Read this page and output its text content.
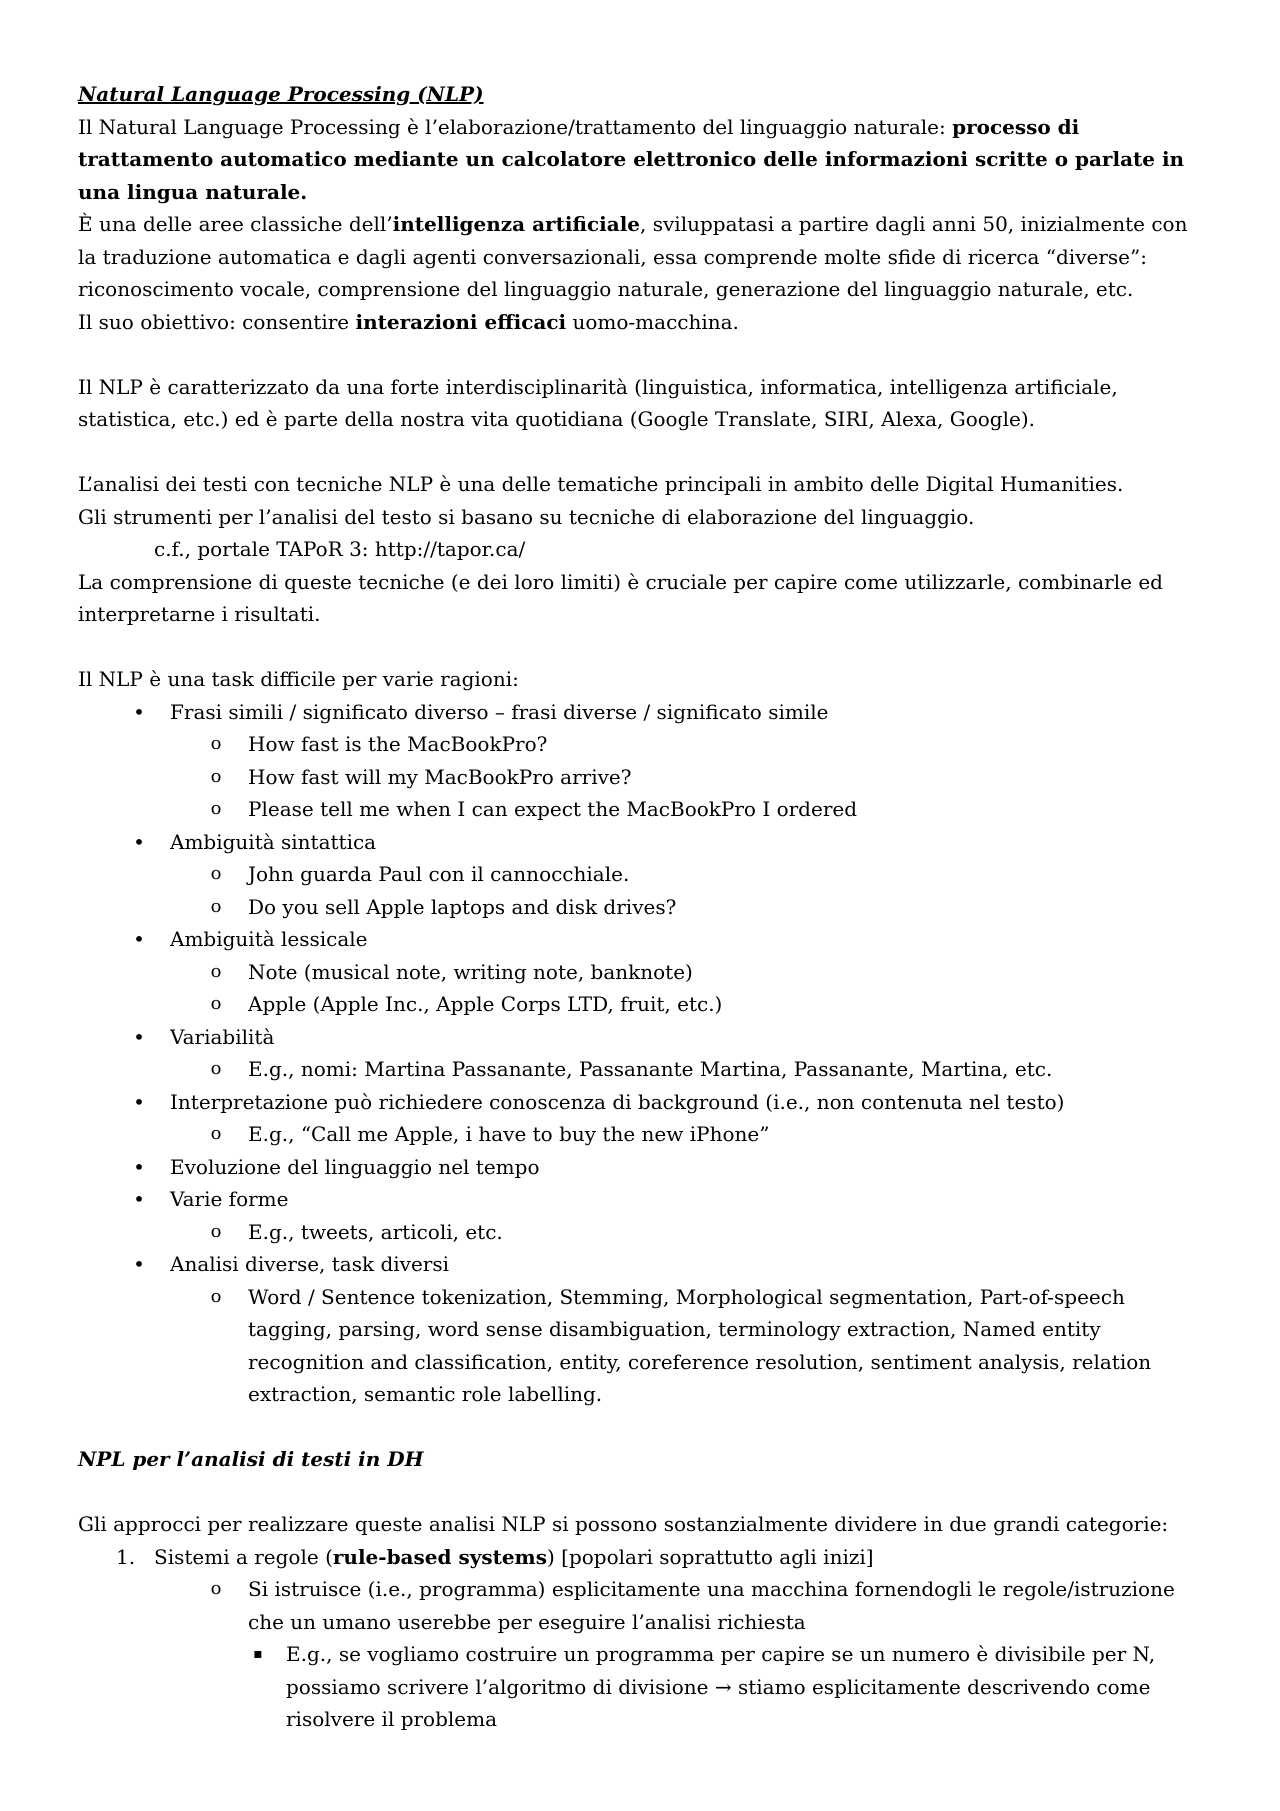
Natural Language Processing (NLP)

Il Natural Language Processing è l’elaborazione/trattamento del linguaggio naturale: processo di trattamento automatico mediante un calcolatore elettronico delle informazioni scritte o parlate in una lingua naturale.

È una delle aree classiche dell’intelligenza artificiale, sviluppatasi a partire dagli anni 50, inizialmente con la traduzione automatica e dagli agenti conversazionali, essa comprende molte sfide di ricerca “diverse”: riconoscimento vocale, comprensione del linguaggio naturale, generazione del linguaggio naturale, etc.

Il suo obiettivo: consentire interazioni efficaci uomo-macchina.

Il NLP è caratterizzato da una forte interdisciplinarità (linguistica, informatica, intelligenza artificiale, statistica, etc.) ed è parte della nostra vita quotidiana (Google Translate, SIRI, Alexa, Google).

L’analisi dei testi con tecniche NLP è una delle tematiche principali in ambito delle Digital Humanities.

Gli strumenti per l’analisi del testo si basano su tecniche di elaborazione del linguaggio.

c.f., portale TAPoR 3: http://tapor.ca/

La comprensione di queste tecniche (e dei loro limiti) è cruciale per capire come utilizzarle, combinarle ed interpretarne i risultati.

Il NLP è una task difficile per varie ragioni:

• Frasi simili / significato diverso – frasi diverse / significato simile
o How fast is the MacBookPro?
o How fast will my MacBookPro arrive?
o Please tell me when I can expect the MacBookPro I ordered
• Ambiguità sintattica
o John guarda Paul con il cannocchiale.
o Do you sell Apple laptops and disk drives?
• Ambiguità lessicale
o Note (musical note, writing note, banknote)
o Apple (Apple Inc., Apple Corps LTD, fruit, etc.)
• Variabilità
o E.g., nomi: Martina Passanante, Passanante Martina, Passanante, Martina, etc.
• Interpretazione può richiedere conoscenza di background (i.e., non contenuta nel testo)
o E.g., “Call me Apple, i have to buy the new iPhone”
• Evoluzione del linguaggio nel tempo
• Varie forme
o E.g., tweets, articoli, etc.
• Analisi diverse, task diversi
o Word / Sentence tokenization, Stemming, Morphological segmentation, Part-of-speech tagging, parsing, word sense disambiguation, terminology extraction, Named entity recognition and classification, entity, coreference resolution, sentiment analysis, relation extraction, semantic role labelling.

NPL per l’analisi di testi in DH

Gli approcci per realizzare queste analisi NLP si possono sostanzialmente dividere in due grandi categorie:

1. Sistemi a regole (rule-based systems) [popolari soprattutto agli inizi]
o Si istruisce (i.e., programma) esplicitamente una macchina fornendogli le regole/istruzione che un umano userebbe per eseguire l’analisi richiesta
▪ E.g., se vogliamo costruire un programma per capire se un numero è divisibile per N, possiamo scrivere l’algoritmo di divisione → stiamo esplicitamente descrivendo come risolvere il problema
